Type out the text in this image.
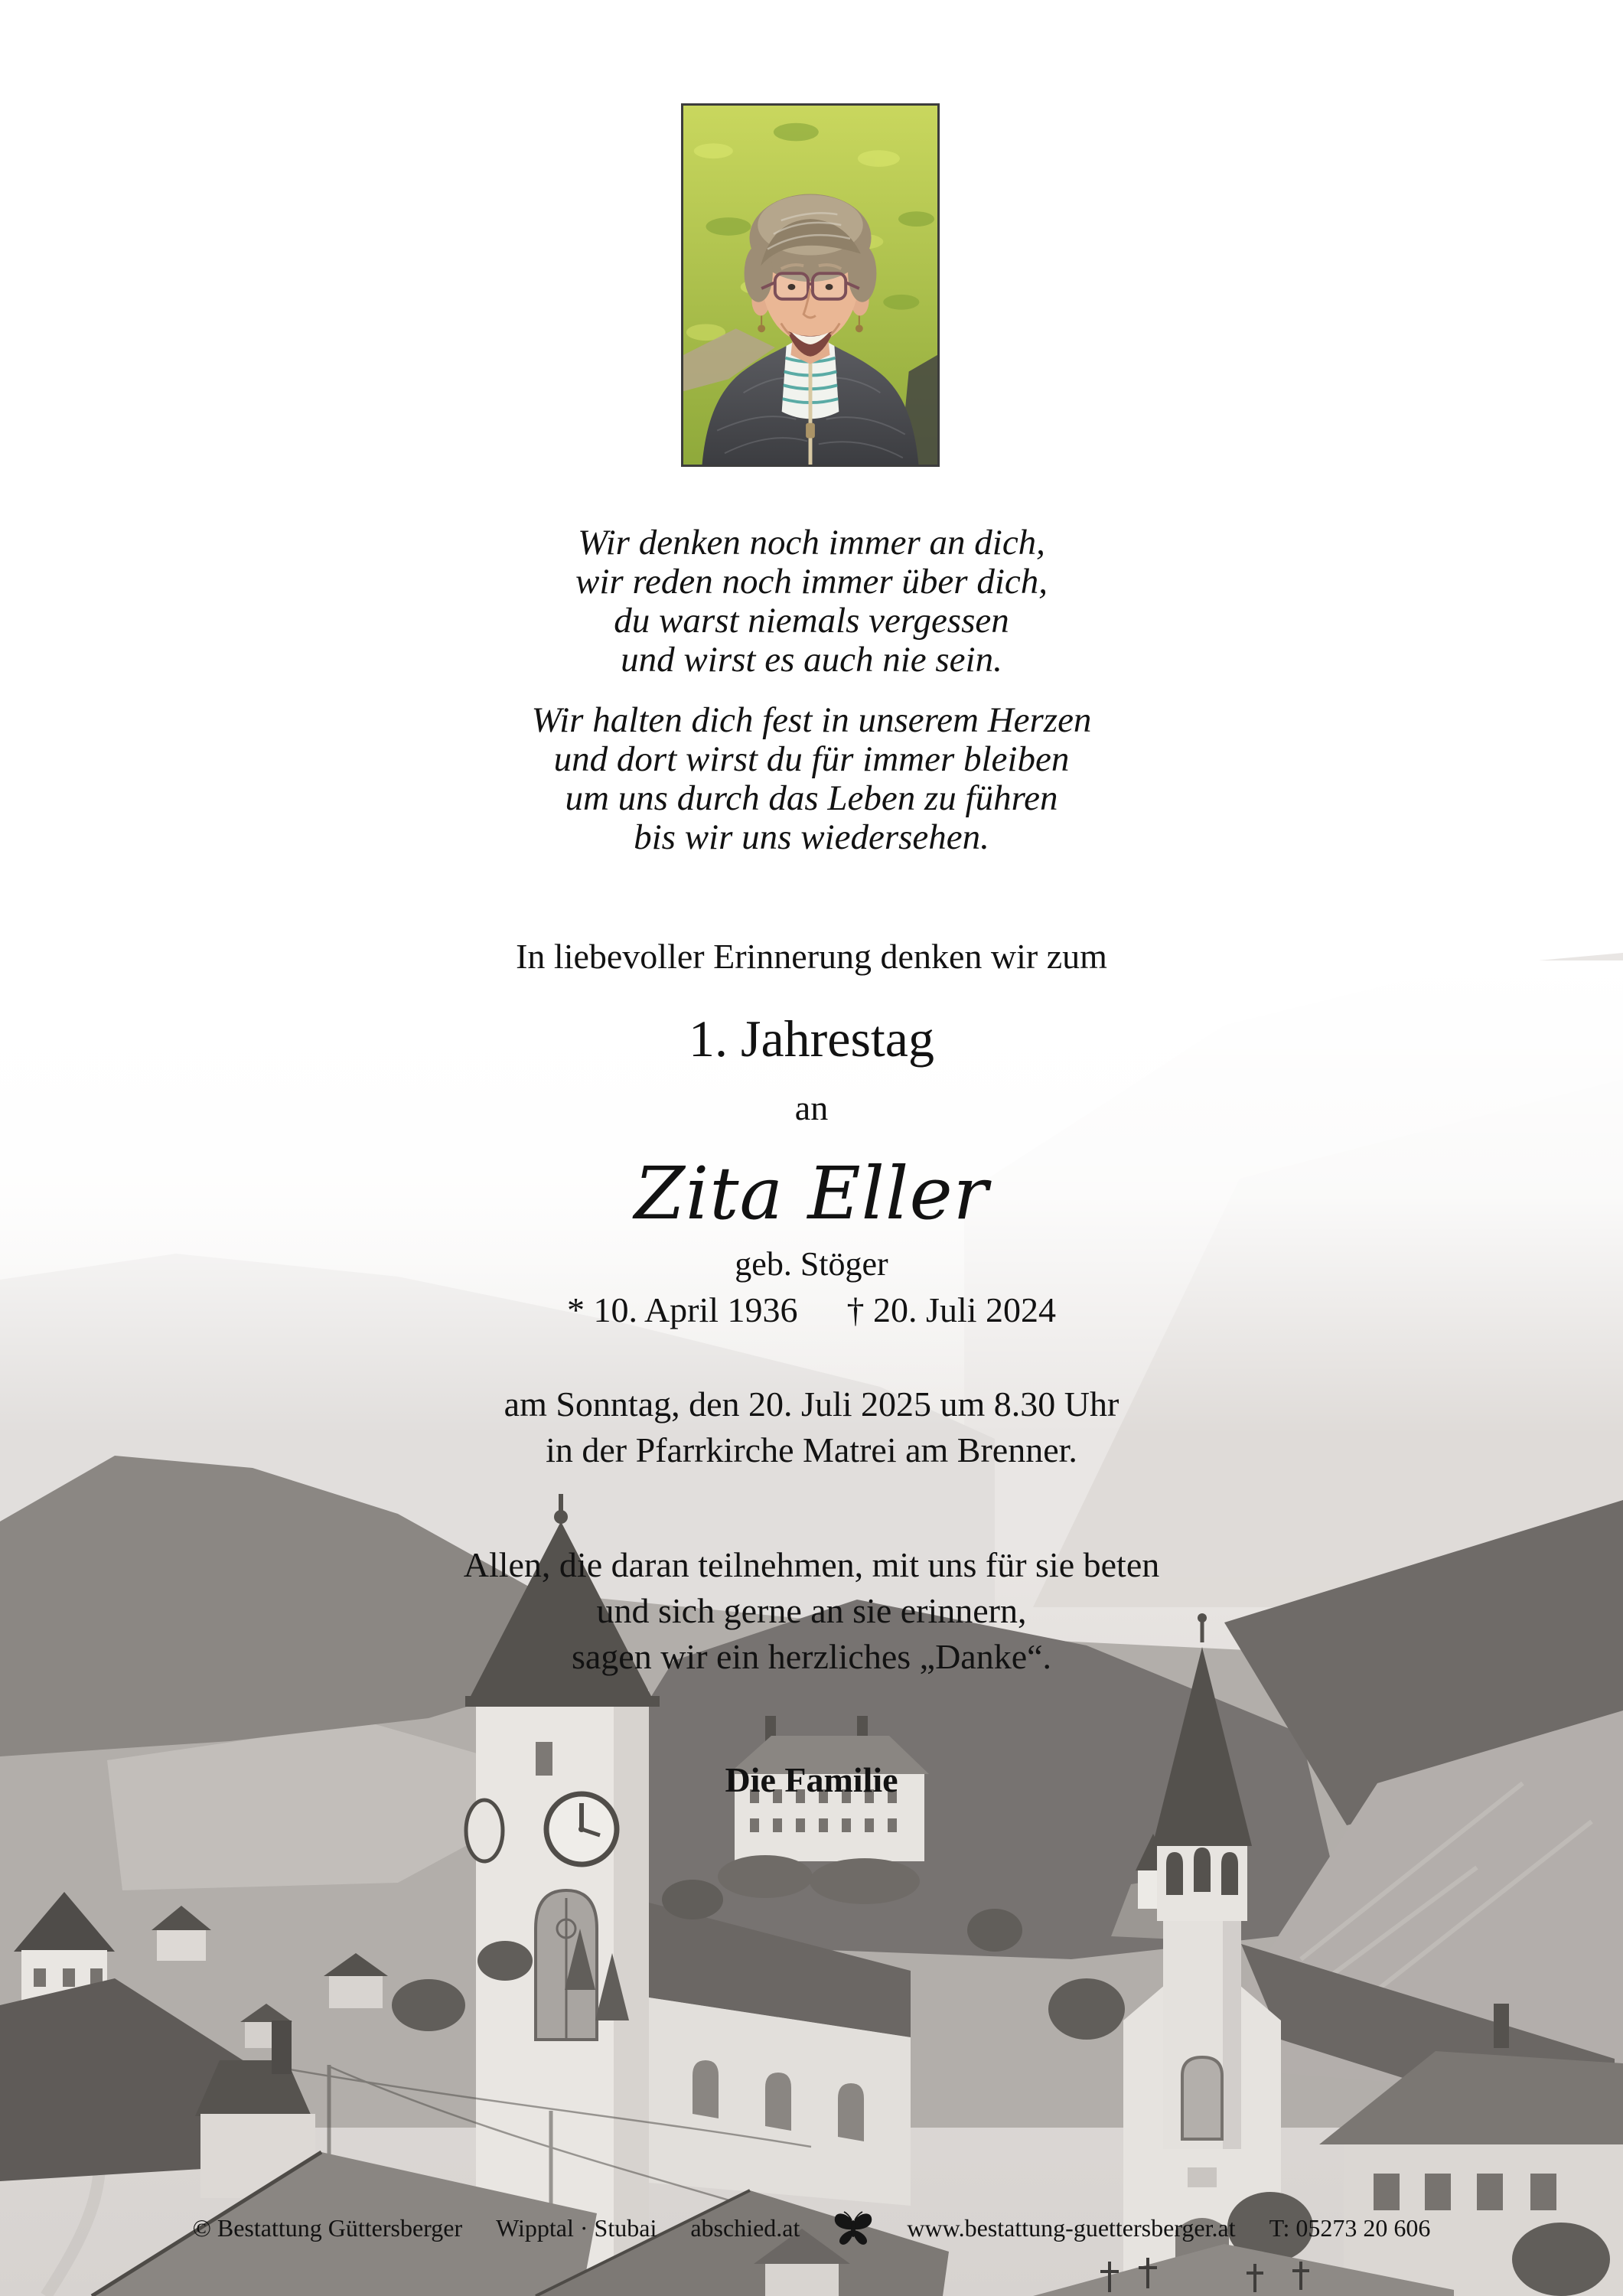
Wir denken noch immer an dich,
wir reden noch immer über dich,
du warst niemals vergessen
und wirst es auch nie sein.
Wir halten dich fest in unserem Herzen
und dort wirst du für immer bleiben
um uns durch das Leben zu führen
bis wir uns wiedersehen.
In liebevoller Erinnerung denken wir zum
1. Jahrestag
an
Zita Eller
geb. Stöger
* 10. April 1936 † 20. Juli 2024
am Sonntag, den 20. Juli 2025 um 8.30 Uhr
in der Pfarrkirche Matrei am Brenner.
Allen, die daran teilnehmen, mit uns für sie beten
und sich gerne an sie erinnern,
sagen wir ein herzliches „Danke“.
Die Familie
© Bestattung Güttersberger Wipptal · Stubai abschied.at	www.bestattung-guettersberger.at T: 05273 20 606
